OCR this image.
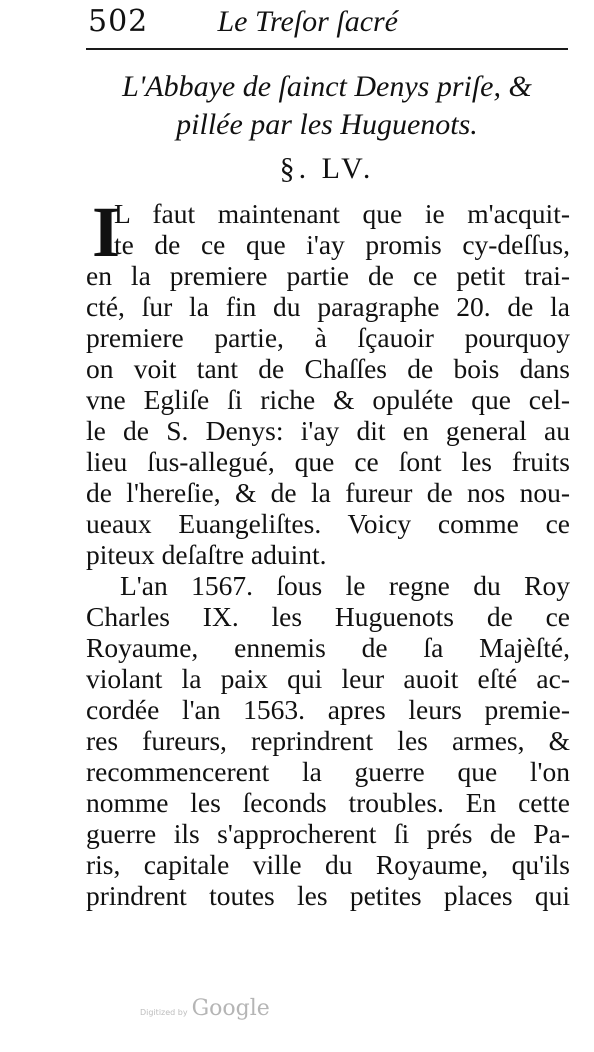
502 Le Treſor ſacré
L'Abbaye de ſainct Denys priſe, &
pillée par les Huguenots.
§. LV.
I
L faut maintenant que ie m'acquit-
te de ce que i'ay promis cy-deſſus,
en la premiere partie de ce petit trai-
cté, ſur la fin du paragraphe 20. de la
premiere partie, à ſçauoir pourquoy
on voit tant de Chaſſes de bois dans
vne Egliſe ſi riche & opuléte que cel-
le de S. Denys: i'ay dit en general au
lieu ſus-allegué, que ce ſont les fruits
de l'hereſie, & de la fureur de nos nou-
ueaux Euangeliſtes. Voicy comme ce
piteux deſaſtre aduint.
L'an 1567. ſous le regne du Roy
Charles IX. les Huguenots de ce
Royaume, ennemis de ſa Majèſté,
violant la paix qui leur auoit eſté ac-
cordée l'an 1563. apres leurs premie-
res fureurs, reprindrent les armes, &
recommencerent la guerre que l'on
nomme les ſeconds troubles. En cette
guerre ils s'approcherent ſi prés de Pa-
ris, capitale ville du Royaume, qu'ils
prindrent toutes les petites places qui
Digitized by Google
